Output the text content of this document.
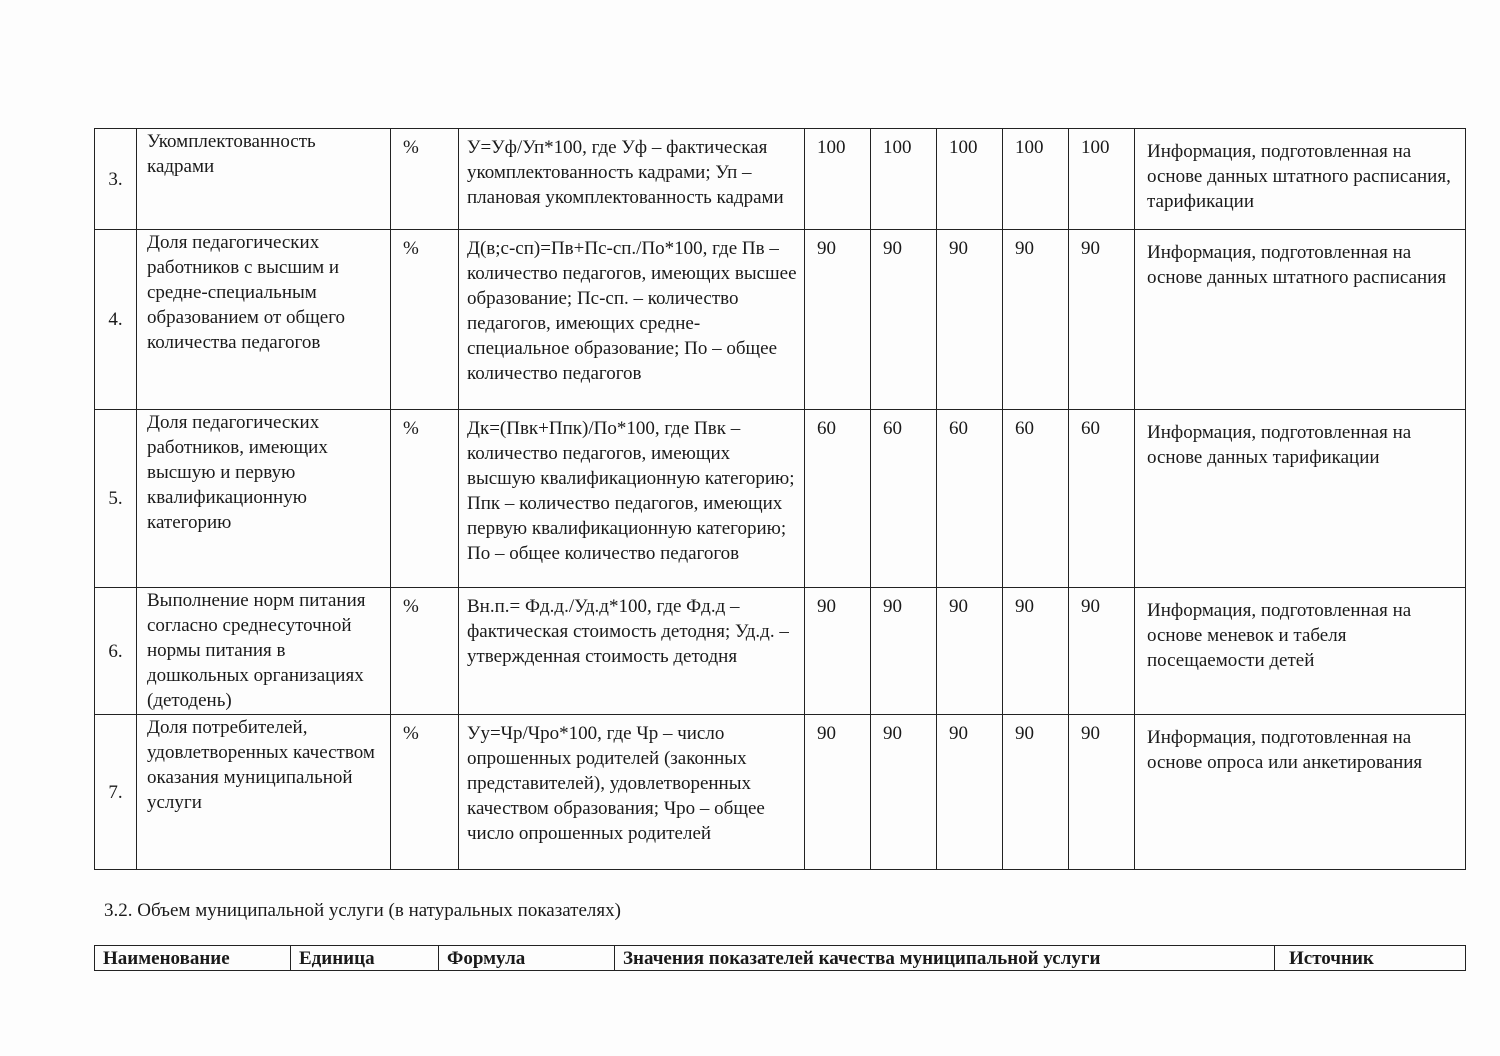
3.	Укомплектованность кадрами	%	У=Уф/Уп*100, где Уф – фактическая укомплектованность кадрами; Уп – плановая укомплектованность кадрами	100	100	100	100	100	Информация, подготовленная на основе данных штатного расписания, тарификации
4.	Доля педагогических работников с высшим и средне-специальным образованием от общего количества педагогов	%	Д(в;с-сп)=Пв+Пс-сп./По*100, где Пв – количество педагогов, имеющих высшее образование; Пс-сп. – количество педагогов, имеющих средне-специальное образование; По – общее количество педагогов	90	90	90	90	90	Информация, подготовленная на основе данных штатного расписания
5.	Доля педагогических работников, имеющих высшую и первую квалификационную категорию	%	Дк=(Пвк+Ппк)/По*100, где Пвк – количество педагогов, имеющих высшую квалификационную категорию; Ппк – количество педагогов, имеющих первую квалификационную категорию; По – общее количество педагогов	60	60	60	60	60	Информация, подготовленная на основе данных тарификации
6.	Выполнение норм питания согласно среднесуточной нормы питания в дошкольных организациях (детодень)	%	Вн.п.= Фд.д./Уд.д*100, где Фд.д – фактическая стоимость детодня; Уд.д. – утвержденная стоимость детодня	90	90	90	90	90	Информация, подготовленная на основе меневок и табеля посещаемости детей
7.	Доля потребителей, удовлетворенных качеством оказания муниципальной услуги	%	Уу=Чр/Чро*100, где Чр – число опрошенных родителей (законных представителей), удовлетворенных качеством образования; Чро – общее число опрошенных родителей	90	90	90	90	90	Информация, подготовленная на основе опроса или анкетирования
3.2. Объем муниципальной услуги (в натуральных показателях)
Наименование	Единица	Формула	Значения показателей качества муниципальной услуги	Источник
